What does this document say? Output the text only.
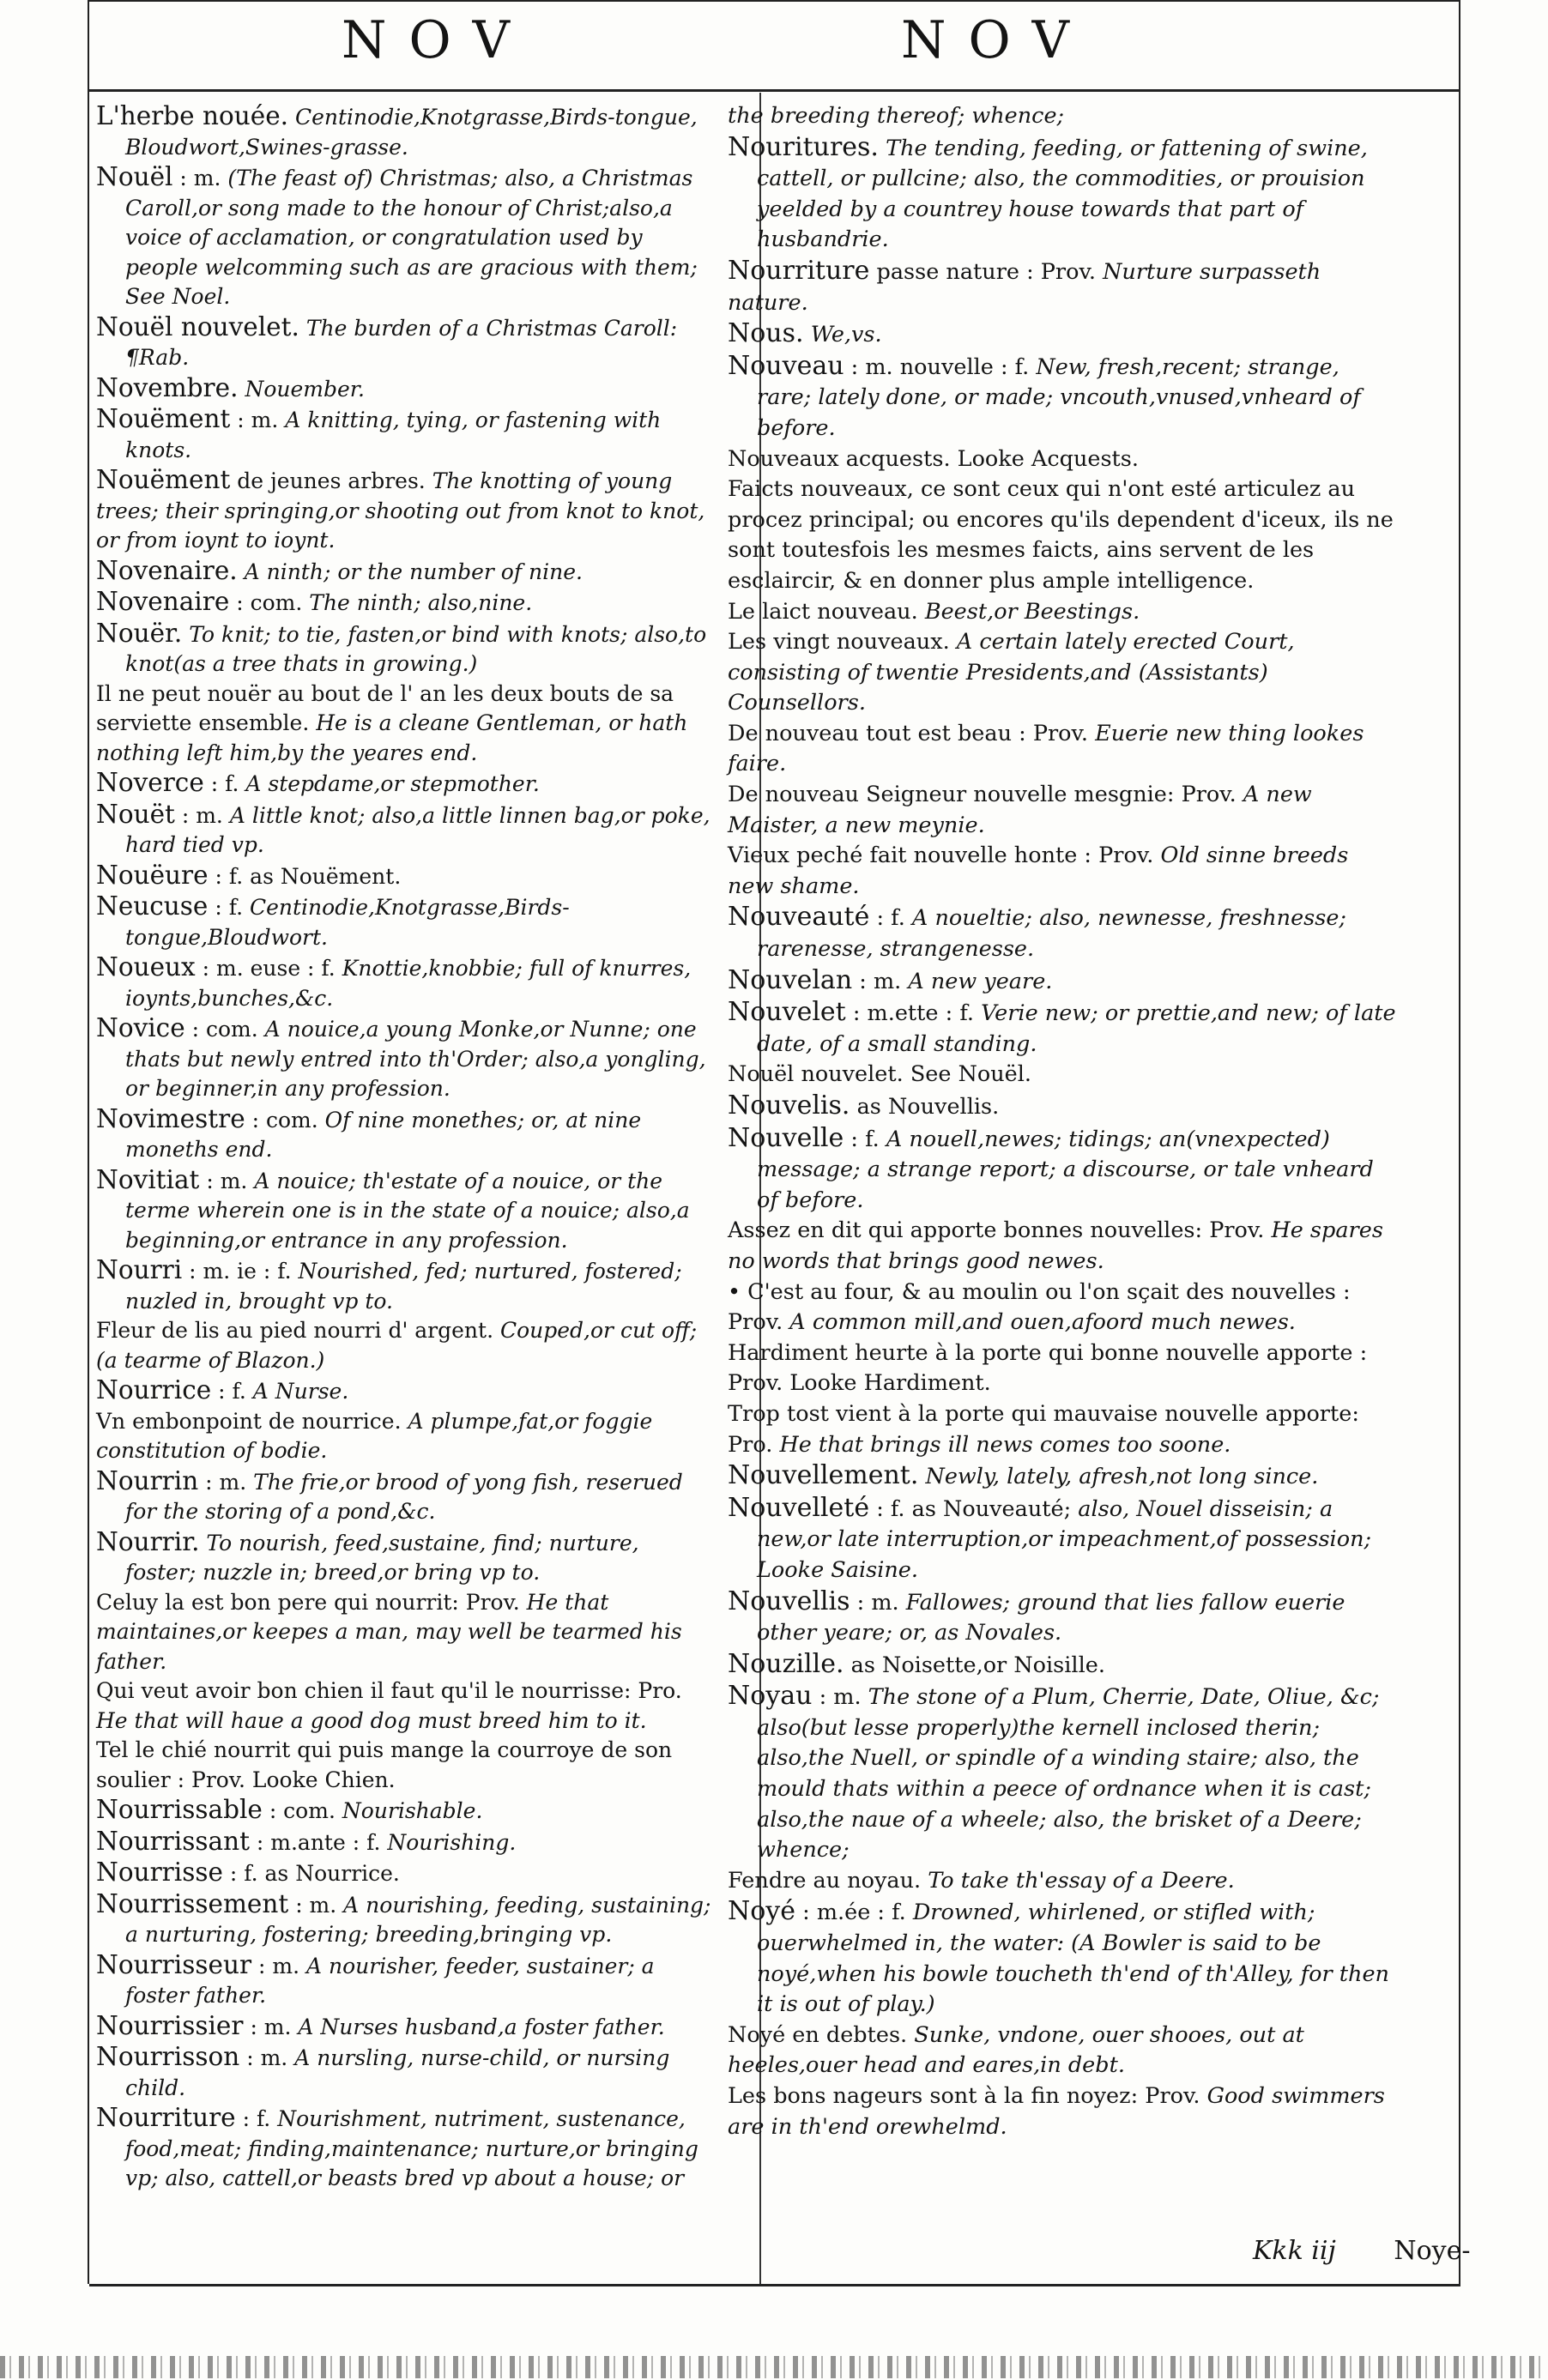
NOV	NOV

L'herbe nouée. Centinodie,Knotgrasse,Birds-tongue, Bloudwort,Swines-grasse.

Nouël : m. (The feast of) Christmas; also, a Christmas Caroll,or song made to the honour of Christ;also,a voice of acclamation, or congratulation used by people welcomming such as are gracious with them; See Noel.

Nouël nouvelet. The burden of a Christmas Caroll: ¶Rab.

Novembre. Nouember.

Nouëment : m. A knitting, tying, or fastening with knots.

Nouëment de jeunes arbres. The knotting of young trees; their springing,or shooting out from knot to knot, or from ioynt to ioynt.

Novenaire. A ninth; or the number of nine.

Novenaire : com. The ninth; also,nine.

Nouër. To knit; to tie, fasten,or bind with knots; also,to knot(as a tree thats in growing.)

Il ne peut nouër au bout de l' an les deux bouts de sa serviette ensemble. He is a cleane Gentleman, or hath nothing left him,by the yeares end.

Noverce : f. A stepdame,or stepmother.

Nouët : m. A little knot; also,a little linnen bag,or poke, hard tied vp.

Nouëure : f. as Nouëment.

Neucuse : f. Centinodie,Knotgrasse,Birds-tongue,Bloudwort.

Noueux : m. euse : f. Knottie,knobbie; full of knurres, ioynts,bunches,&c.

Novice : com. A nouice,a young Monke,or Nunne; one thats but newly entred into th'Order; also,a yongling, or beginner,in any profession.

Novimestre : com. Of nine monethes; or, at nine moneths end.

Novitiat : m. A nouice; th'estate of a nouice, or the terme wherein one is in the state of a nouice; also,a beginning,or entrance in any profession.

Nourri : m. ie : f. Nourished, fed; nurtured, fostered; nuzled in, brought vp to.

Fleur de lis au pied nourri d' argent. Couped,or cut off; (a tearme of Blazon.)

Nourrice : f. A Nurse.

Vn embonpoint de nourrice. A plumpe,fat,or foggie constitution of bodie.

Nourrin : m. The frie,or brood of yong fish, reserued for the storing of a pond,&c.

Nourrir. To nourish, feed,sustaine, find; nurture, foster; nuzzle in; breed,or bring vp to.

Celuy la est bon pere qui nourrit: Prov. He that maintaines,or keepes a man, may well be tearmed his father.

Qui veut avoir bon chien il faut qu'il le nourrisse: Pro. He that will haue a good dog must breed him to it.

Tel le chié nourrit qui puis mange la courroye de son soulier : Prov. Looke Chien.

Nourrissable : com. Nourishable.

Nourrissant : m.ante : f. Nourishing.

Nourrisse : f. as Nourrice.

Nourrissement : m. A nourishing, feeding, sustaining; a nurturing, fostering; breeding,bringing vp.

Nourrisseur : m. A nourisher, feeder, sustainer; a foster father.

Nourrissier : m. A Nurses husband,a foster father.

Nourrisson : m. A nursling, nurse-child, or nursing child.

Nourriture : f. Nourishment, nutriment, sustenance, food,meat; finding,maintenance; nurture,or bringing vp; also, cattell,or beasts bred vp about a house; or

the breeding thereof; whence;

Nouritures. The tending, feeding, or fattening of swine, cattell, or pullcine; also, the commodities, or prouision yeelded by a countrey house towards that part of husbandrie.

Nourriture passe nature : Prov. Nurture surpasseth nature.

Nous. We,vs.

Nouveau : m. nouvelle : f. New, fresh,recent; strange, rare; lately done, or made; vncouth,vnused,vnheard of before.

Nouveaux acquests. Looke Acquests.

Faicts nouveaux, ce sont ceux qui n'ont esté articulez au procez principal; ou encores qu'ils dependent d'iceux, ils ne sont toutesfois les mesmes faicts, ains servent de les esclaircir, & en donner plus ample intelligence.

Le laict nouveau. Beest,or Beestings.

Les vingt nouveaux. A certain lately erected Court, consisting of twentie Presidents,and (Assistants) Counsellors.

De nouveau tout est beau : Prov. Euerie new thing lookes faire.

De nouveau Seigneur nouvelle mesgnie: Prov. A new Maister, a new meynie.

Vieux peché fait nouvelle honte : Prov. Old sinne breeds new shame.

Nouveauté : f. A noueltie; also, newnesse, freshnesse; rarenesse, strangenesse.

Nouvelan : m. A new yeare.

Nouvelet : m.ette : f. Verie new; or prettie,and new; of late date, of a small standing.

Nouël nouvelet. See Nouël.

Nouvelis. as Nouvellis.

Nouvelle : f. A nouell,newes; tidings; an(vnexpected) message; a strange report; a discourse, or tale vnheard of before.

Assez en dit qui apporte bonnes nouvelles: Prov. He spares no words that brings good newes.

• C'est au four, & au moulin ou l'on sçait des nouvelles : Prov. A common mill,and ouen,afoord much newes.

Hardiment heurte à la porte qui bonne nouvelle apporte : Prov. Looke Hardiment.

Trop tost vient à la porte qui mauvaise nouvelle apporte: Pro. He that brings ill news comes too soone.

Nouvellement. Newly, lately, afresh,not long since.

Nouvelleté : f. as Nouveauté; also, Nouel disseisin; a new,or late interruption,or impeachment,of possession; Looke Saisine.

Nouvellis : m. Fallowes; ground that lies fallow euerie other yeare; or, as Novales.

Nouzille. as Noisette,or Noisille.

Noyau : m. The stone of a Plum, Cherrie, Date, Oliue, &c; also(but lesse properly)the kernell inclosed therin; also,the Nuell, or spindle of a winding staire; also, the mould thats within a peece of ordnance when it is cast; also,the naue of a wheele; also, the brisket of a Deere; whence;

Fendre au noyau. To take th'essay of a Deere.

Noyé : m.ée : f. Drowned, whirlened, or stifled with; ouerwhelmed in, the water: (A Bowler is said to be noyé,when his bowle toucheth th'end of th'Alley, for then it is out of play.)

Noyé en debtes. Sunke, vndone, ouer shooes, out at heeles,ouer head and eares,in debt.

Les bons nageurs sont à la fin noyez: Prov. Good swimmers are in th'end orewhelmd.

Kkk iij Noye-
